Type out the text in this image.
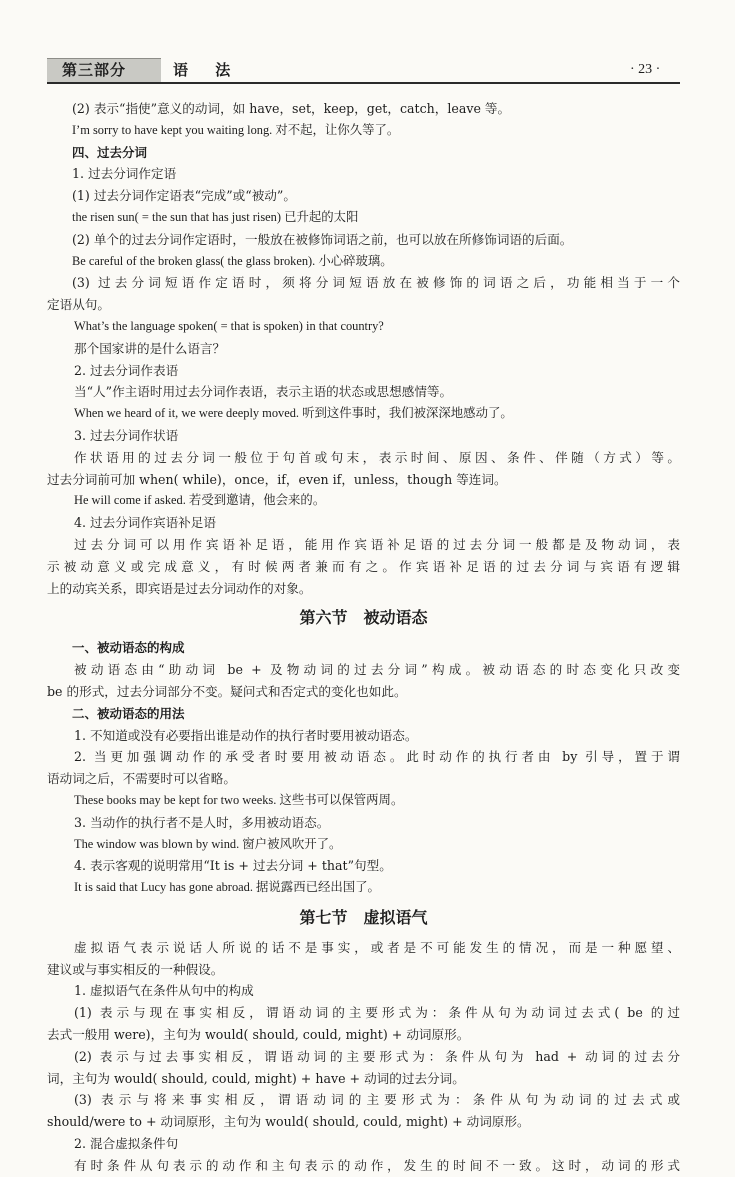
第三部分	语 法	· 23 ·
(2) 表示“指使”意义的动词，如 have，set，keep，get，catch，leave 等。
I’m sorry to have kept you waiting long. 对不起，让你久等了。
四、过去分词
1. 过去分词作定语
(1) 过去分词作定语表“完成”或“被动”。
the risen sun( = the sun that has just risen) 已升起的太阳
(2) 单个的过去分词作定语时，一般放在被修饰词语之前，也可以放在所修饰词语的后面。
Be careful of the broken glass( the glass broken). 小心碎玻璃。
(3) 过去分词短语作定语时，须将分词短语放在被修饰的词语之后，功能相当于一个
定语从句。
What’s the language spoken( = that is spoken) in that country?
那个国家讲的是什么语言？
2. 过去分词作表语
当“人”作主语时用过去分词作表语，表示主语的状态或思想感情等。
When we heard of it, we were deeply moved. 听到这件事时，我们被深深地感动了。
3. 过去分词作状语
作状语用的过去分词一般位于句首或句末，表示时间、原因、条件、伴随（方式）等。
过去分词前可加 when( while)，once，if，even if，unless，though 等连词。
He will come if asked. 若受到邀请，他会来的。
4. 过去分词作宾语补足语
过去分词可以用作宾语补足语，能用作宾语补足语的过去分词一般都是及物动词，表
示被动意义或完成意义，有时候两者兼而有之。作宾语补足语的过去分词与宾语有逻辑
上的动宾关系，即宾语是过去分词动作的对象。
第六节　被动语态
一、被动语态的构成
被动语态由“助动词 be + 及物动词的过去分词”构成。被动语态的时态变化只改变
be 的形式，过去分词部分不变。疑问式和否定式的变化也如此。
二、被动语态的用法
1. 不知道或没有必要指出谁是动作的执行者时要用被动语态。
2. 当更加强调动作的承受者时要用被动语态。此时动作的执行者由 by 引导，置于谓
语动词之后，不需要时可以省略。
These books may be kept for two weeks. 这些书可以保管两周。
3. 当动作的执行者不是人时，多用被动语态。
The window was blown by wind. 窗户被风吹开了。
4. 表示客观的说明常用“It is + 过去分词 + that”句型。
It is said that Lucy has gone abroad. 据说露西已经出国了。
第七节　虚拟语气
虚拟语气表示说话人所说的话不是事实，或者是不可能发生的情况，而是一种愿望、
建议或与事实相反的一种假设。
1. 虚拟语气在条件从句中的构成
(1) 表示与现在事实相反，谓语动词的主要形式为：条件从句为动词过去式( be 的过
去式一般用 were)，主句为 would( should, could, might) + 动词原形。
(2) 表示与过去事实相反，谓语动词的主要形式为：条件从句为 had + 动词的过去分
词，主句为 would( should, could, might) + have + 动词的过去分词。
(3) 表示与将来事实相反，谓语动词的主要形式为：条件从句为动词的过去式或
should/were to + 动词原形，主句为 would( should, could, might) + 动词原形。
2. 混合虚拟条件句
有时条件从句表示的动作和主句表示的动作，发生的时间不一致。这时，动词的形式
